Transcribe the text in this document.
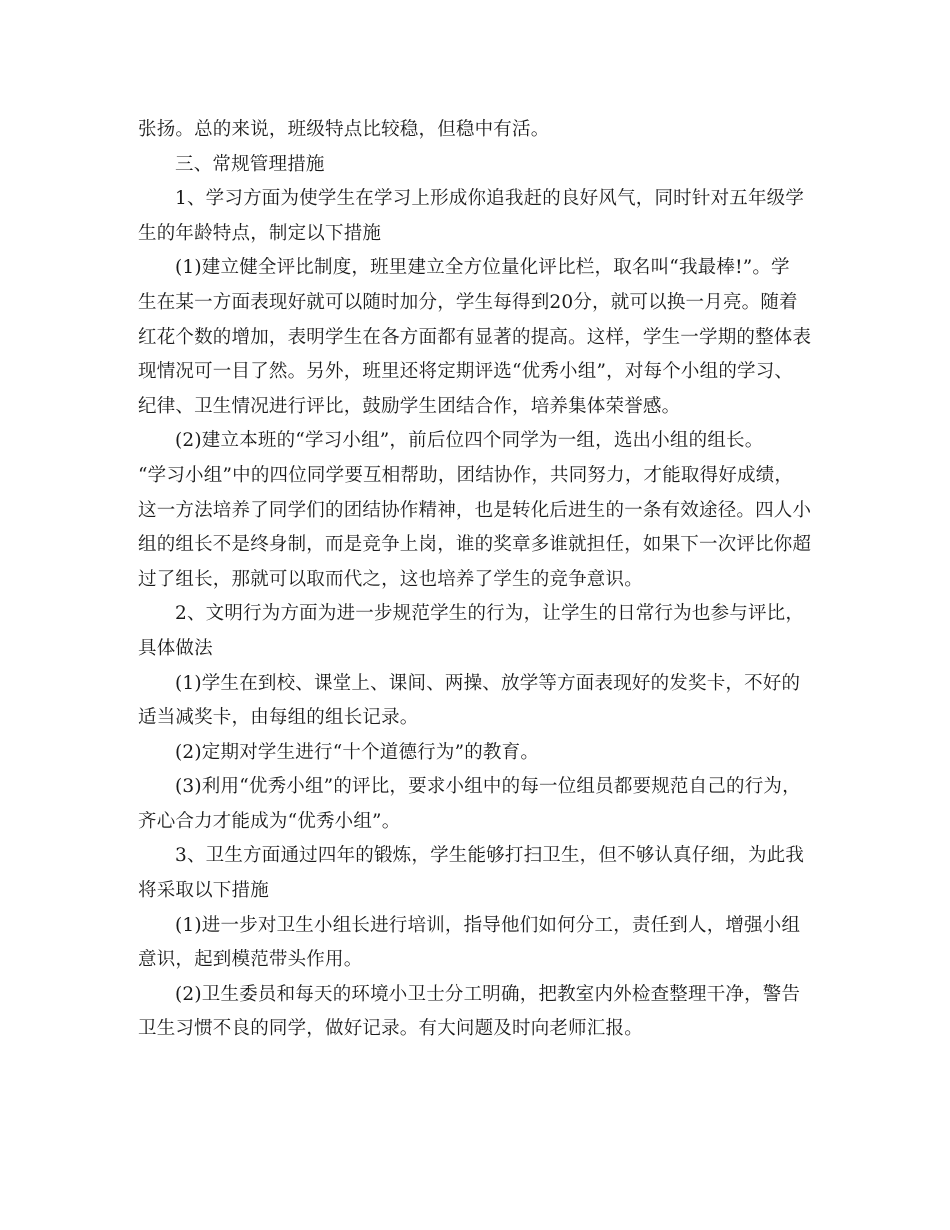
张扬。总的来说，班级特点比较稳，但稳中有活。
三、常规管理措施
1、学习方面为使学生在学习上形成你追我赶的良好风气，同时针对五年级学
生的年龄特点，制定以下措施
(1)建立健全评比制度，班里建立全方位量化评比栏，取名叫“我最棒!”。学
生在某一方面表现好就可以随时加分，学生每得到20分，就可以换一月亮。随着
红花个数的增加，表明学生在各方面都有显著的提高。这样，学生一学期的整体表
现情况可一目了然。另外，班里还将定期评选“优秀小组”，对每个小组的学习、
纪律、卫生情况进行评比，鼓励学生团结合作，培养集体荣誉感。
(2)建立本班的“学习小组”，前后位四个同学为一组，选出小组的组长。
“学习小组”中的四位同学要互相帮助，团结协作，共同努力，才能取得好成绩，
这一方法培养了同学们的团结协作精神，也是转化后进生的一条有效途径。四人小
组的组长不是终身制，而是竞争上岗，谁的奖章多谁就担任，如果下一次评比你超
过了组长，那就可以取而代之，这也培养了学生的竞争意识。
2、文明行为方面为进一步规范学生的行为，让学生的日常行为也参与评比，
具体做法
(1)学生在到校、课堂上、课间、两操、放学等方面表现好的发奖卡，不好的
适当减奖卡，由每组的组长记录。
(2)定期对学生进行“十个道德行为”的教育。
(3)利用“优秀小组”的评比，要求小组中的每一位组员都要规范自己的行为，
齐心合力才能成为“优秀小组”。
3、卫生方面通过四年的锻炼，学生能够打扫卫生，但不够认真仔细，为此我
将采取以下措施
(1)进一步对卫生小组长进行培训，指导他们如何分工，责任到人，增强小组
意识，起到模范带头作用。
(2)卫生委员和每天的环境小卫士分工明确，把教室内外检查整理干净，警告
卫生习惯不良的同学，做好记录。有大问题及时向老师汇报。
